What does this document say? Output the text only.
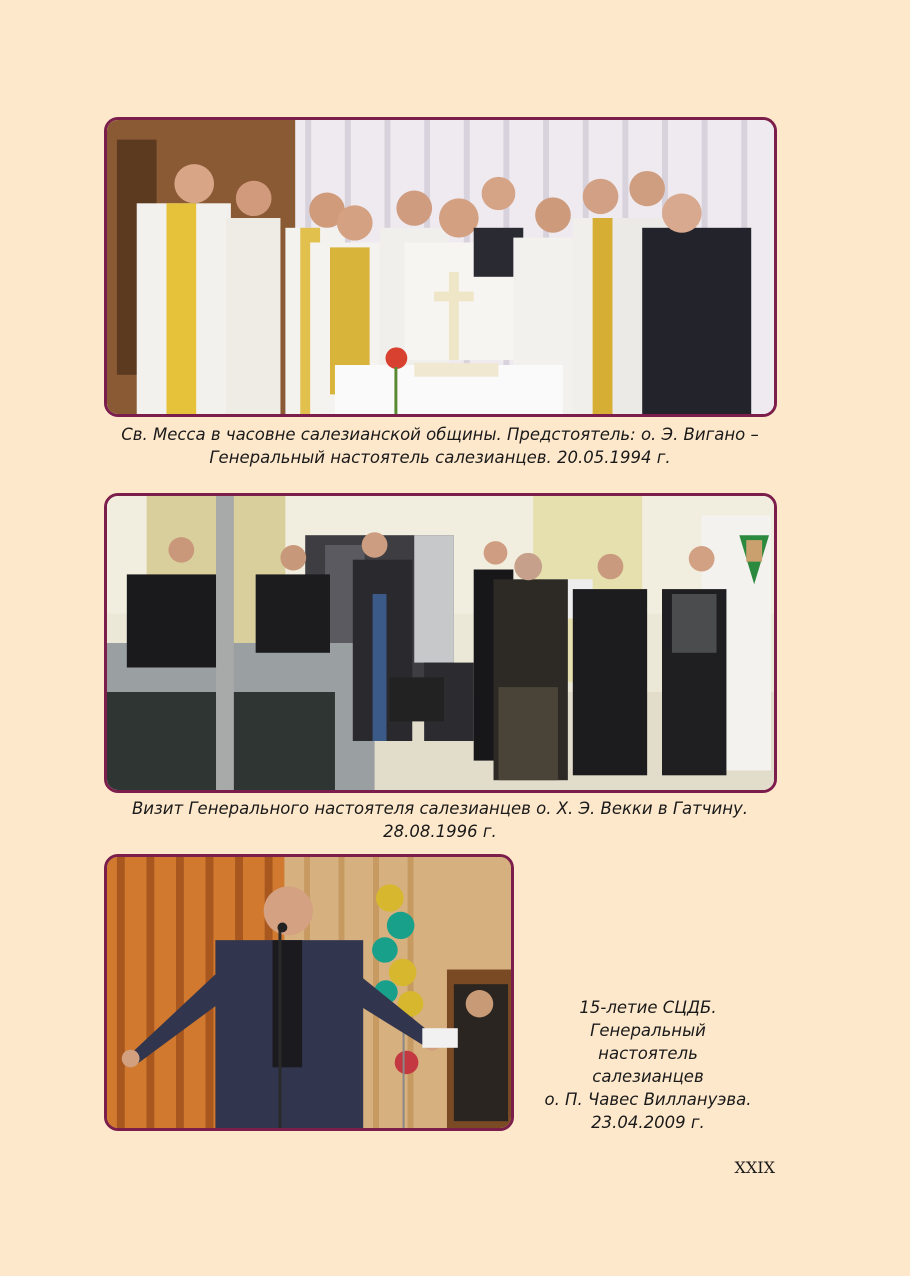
Св. Месса в часовне салезианской общины. Предстоятель: о. Э. Вигано –
Генеральный настоятель салезианцев. 20.05.1994 г.
Визит Генерального настоятеля салезианцев о. Х. Э. Векки в Гатчину.
28.08.1996 г.
15-летие СЦДБ.
Генеральный
настоятель
салезианцев
о. П. Чавес Виллануэва.
23.04.2009 г.
XXIX
